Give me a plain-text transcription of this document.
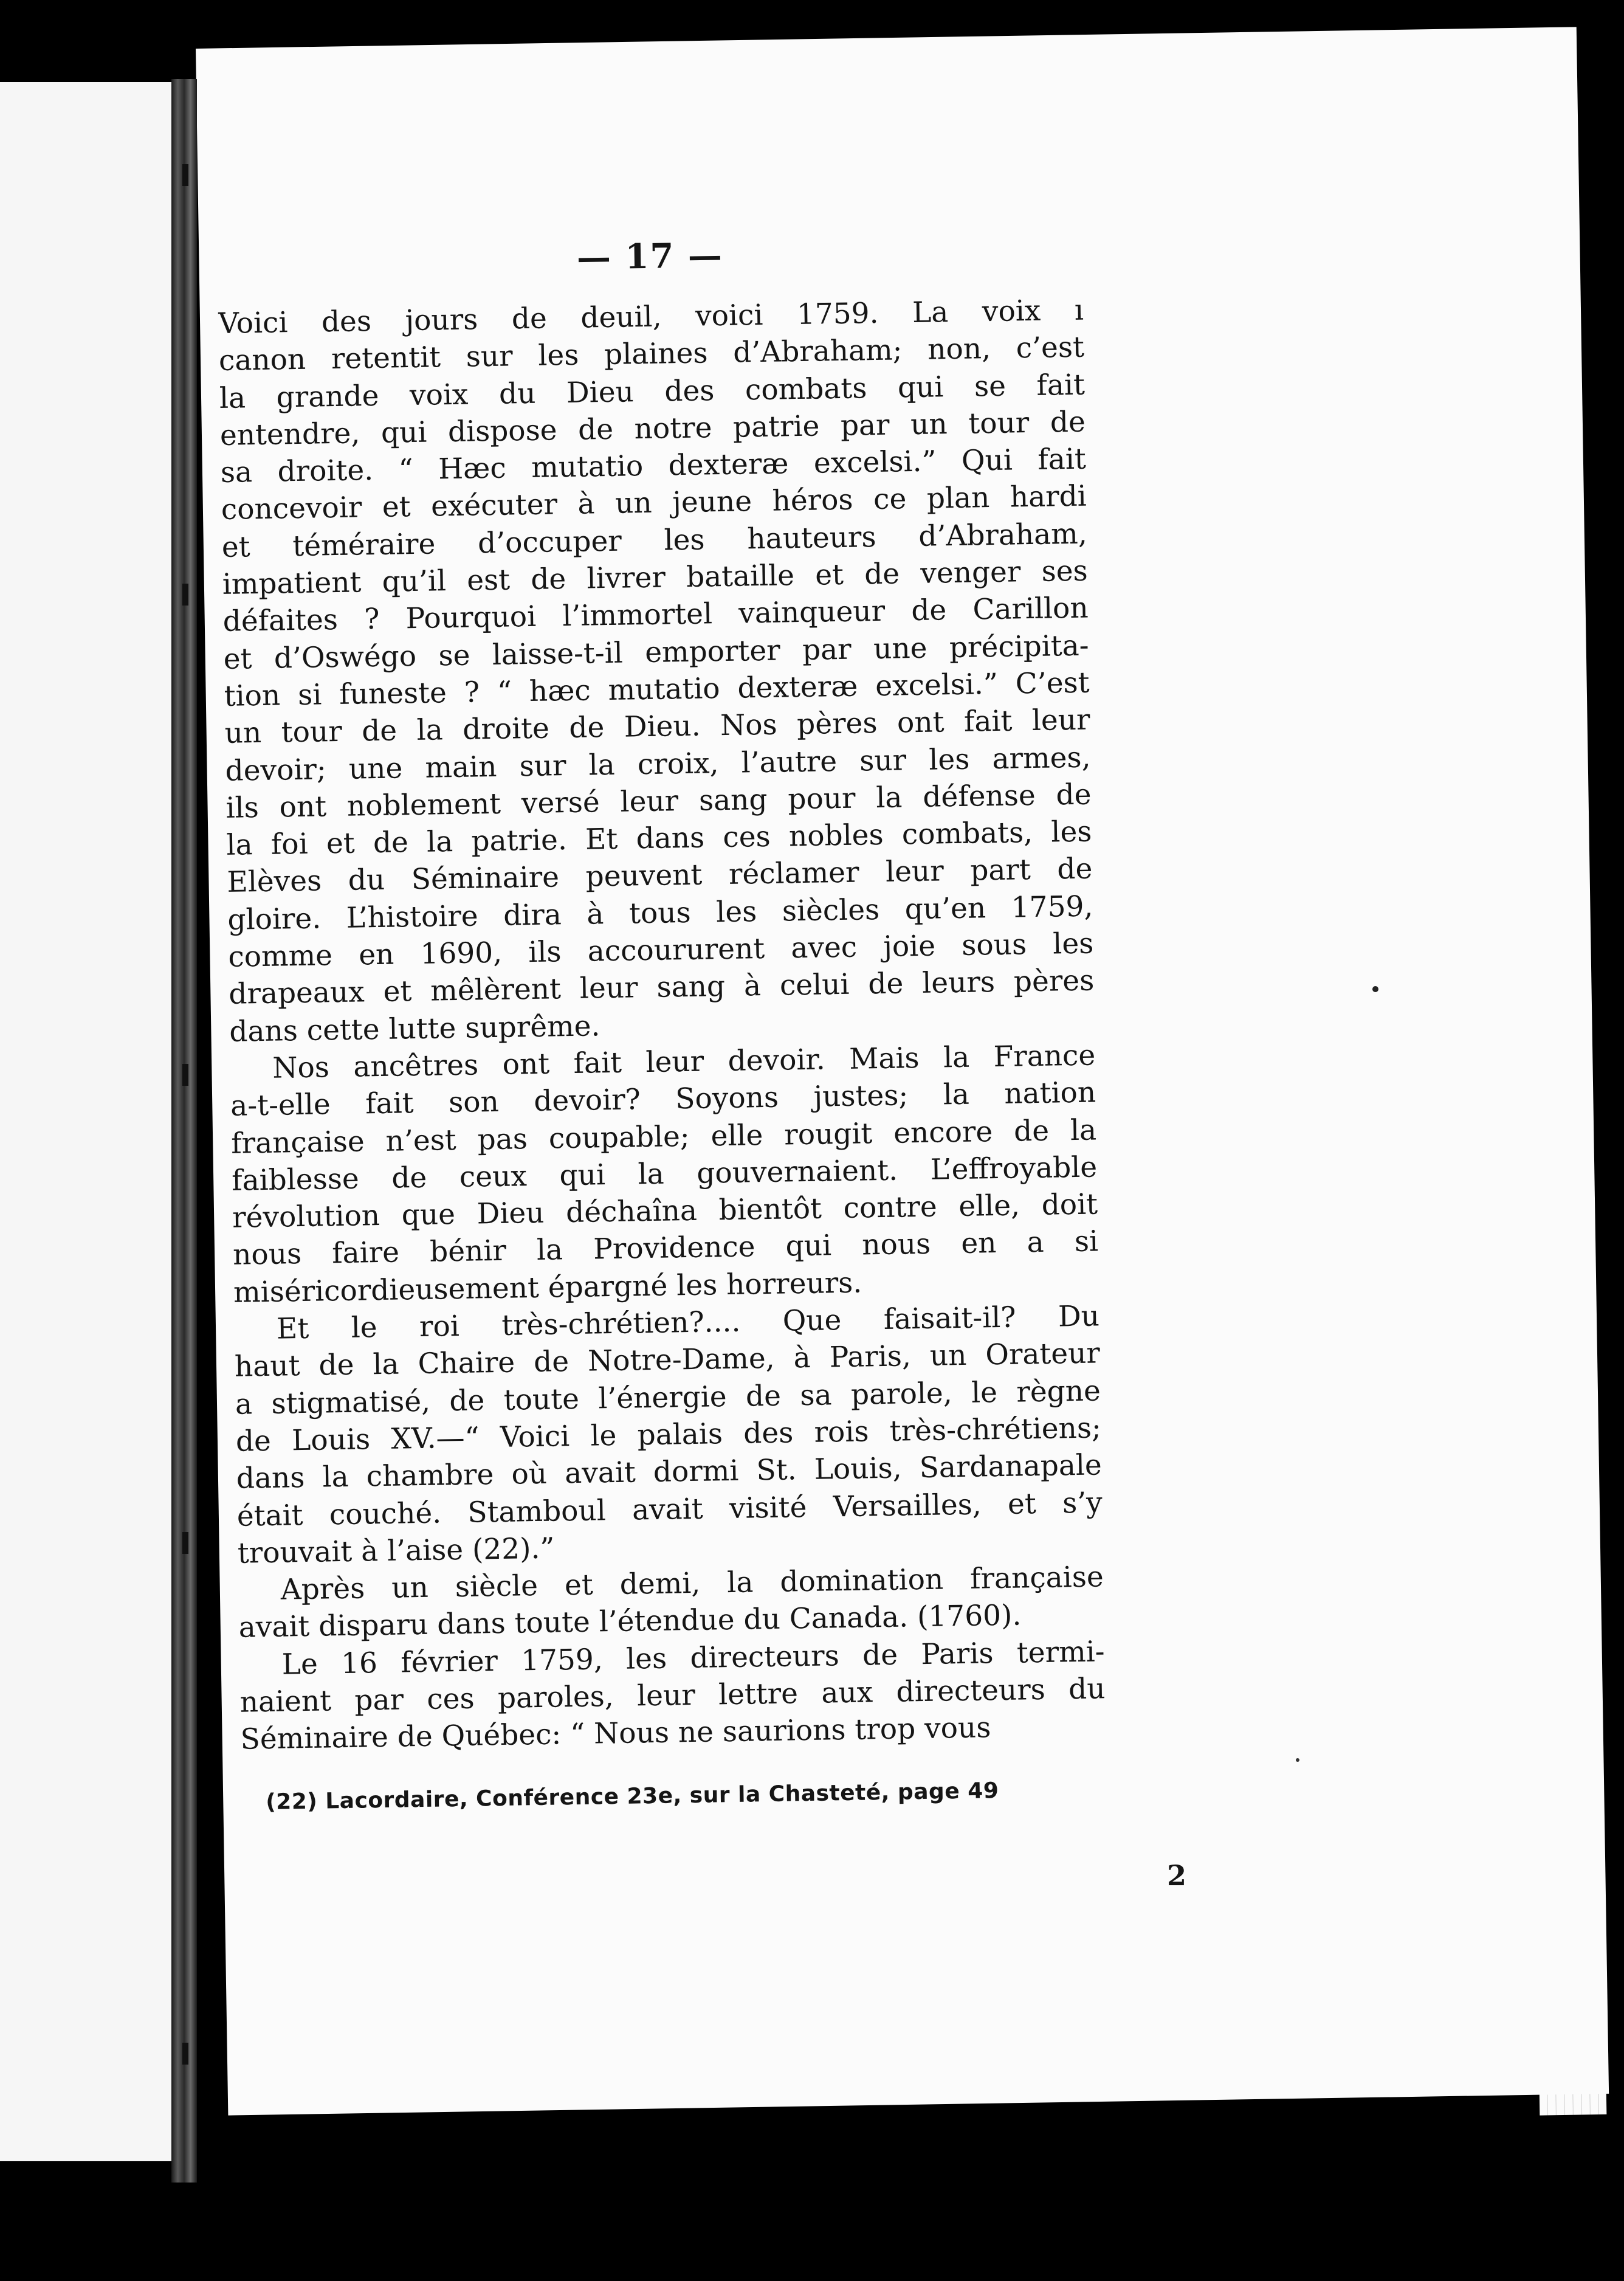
— 17 —
Voici des jours de deuil, voici 1759. La voix ı
canon retentit sur les plaines d’Abraham; non, c’est
la grande voix du Dieu des combats qui se fait
entendre, qui dispose de notre patrie par un tour de
sa droite. “ Hæc mutatio dexteræ excelsi.” Qui fait
concevoir et exécuter à un jeune héros ce plan hardi
et téméraire d’occuper les hauteurs d’Abraham,
impatient qu’il est de livrer bataille et de venger ses
défaites ? Pourquoi l’immortel vainqueur de Carillon
et d’Oswégo se laisse-t-il emporter par une précipita-
tion si funeste ? “ hæc mutatio dexteræ excelsi.” C’est
un tour de la droite de Dieu. Nos pères ont fait leur
devoir; une main sur la croix, l’autre sur les armes,
ils ont noblement versé leur sang pour la défense de
la foi et de la patrie. Et dans ces nobles combats, les
Elèves du Séminaire peuvent réclamer leur part de
gloire. L’histoire dira à tous les siècles qu’en 1759,
comme en 1690, ils accoururent avec joie sous les
drapeaux et mêlèrent leur sang à celui de leurs pères
dans cette lutte suprême.
Nos ancêtres ont fait leur devoir. Mais la France
a-t-elle fait son devoir? Soyons justes; la nation
française n’est pas coupable; elle rougit encore de la
faiblesse de ceux qui la gouvernaient. L’effroyable
révolution que Dieu déchaîna bientôt contre elle, doit
nous faire bénir la Providence qui nous en a si
miséricordieusement épargné les horreurs.
Et le roi très-chrétien?.... Que faisait-il? Du
haut de la Chaire de Notre-Dame, à Paris, un Orateur
a stigmatisé, de toute l’énergie de sa parole, le règne
de Louis XV.—“ Voici le palais des rois très-chrétiens;
dans la chambre où avait dormi St. Louis, Sardanapale
était couché. Stamboul avait visité Versailles, et s’y
trouvait à l’aise (22).”
Après un siècle et demi, la domination française
avait disparu dans toute l’étendue du Canada. (1760).
Le 16 février 1759, les directeurs de Paris termi-
naient par ces paroles, leur lettre aux directeurs du
Séminaire de Québec: “ Nous ne saurions trop vous
(22) Lacordaire, Conférence 23e, sur la Chasteté, page 49
2
